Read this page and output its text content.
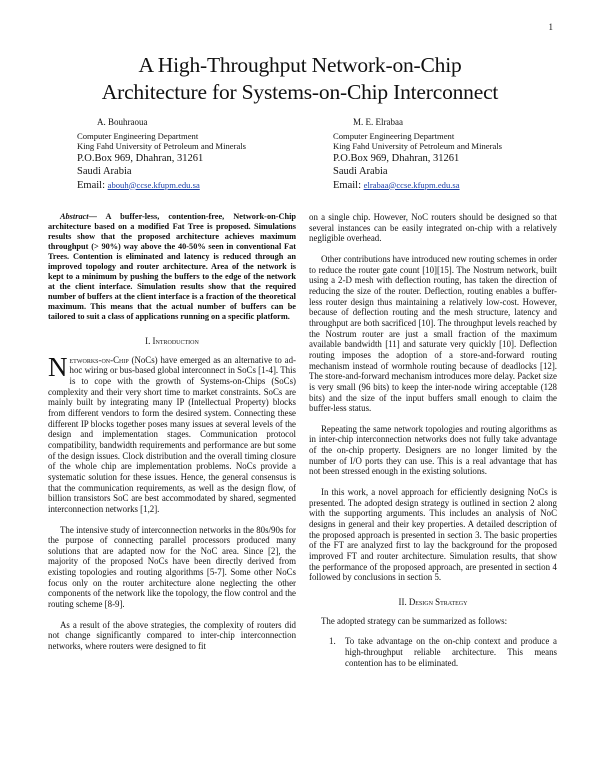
1
A High-Throughput Network-on-Chip
Architecture for Systems-on-Chip Interconnect
A. Bouhraoua
Computer Engineering Department
King Fahd University of Petroleum and Minerals
P.O.Box 969, Dhahran, 31261
Saudi Arabia
Email: abouh@ccse.kfupm.edu.sa
M. E. Elrabaa
Computer Engineering Department
King Fahd University of Petroleum and Minerals
P.O.Box 969, Dhahran, 31261
Saudi Arabia
Email: elrabaa@ccse.kfupm.edu.sa

Abstract— A buffer-less, contention-free, Network-on-Chip architecture based on a modified Fat Tree is proposed. Simulations results show that the proposed architecture achieves maximum throughput (> 90%) way above the 40-50% seen in conventional Fat Trees. Contention is eliminated and latency is reduced through an improved topology and router architecture. Area of the network is kept to a minimum by pushing the buffers to the edge of the network at the client interface. Simulation results show that the required number of buffers at the client interface is a fraction of the theoretical maximum. This means that the actual number of buffers can be tailored to suit a class of applications running on a specific platform.

I. Introduction

Networks-on-Chip (NoCs) have emerged as an alternative to ad-hoc wiring or bus-based global interconnect in SoCs [1-4]. This is to cope with the growth of Systems-on-Chips (SoCs) complexity and their very short time to market constraints. SoCs are mainly built by integrating many IP (Intellectual Property) blocks from different vendors to form the desired system. Connecting these different IP blocks together poses many issues at several levels of the design and implementation stages. Communication protocol compatibility, bandwidth requirements and performance are but some of the design issues. Clock distribution and the overall timing closure of the whole chip are implementation problems. NoCs provide a systematic solution for these issues. Hence, the general consensus is that the communication requirements, as well as the design flow, of billion transistors SoC are best accommodated by shared, segmented interconnection networks [1,2].

The intensive study of interconnection networks in the 80s/90s for the purpose of connecting parallel processors produced many solutions that are adapted now for the NoC area. Since [2], the majority of the proposed NoCs have been directly derived from existing topologies and routing algorithms [5-7]. Some other NoCs focus only on the router architecture alone neglecting the other components of the network like the topology, the flow control and the routing scheme [8-9].

As a result of the above strategies, the complexity of routers did not change significantly compared to inter-chip interconnection networks, where routers were designed to fit

on a single chip. However, NoC routers should be designed so that several instances can be easily integrated on-chip with a relatively negligible overhead.

Other contributions have introduced new routing schemes in order to reduce the router gate count [10][15]. The Nostrum network, built using a 2-D mesh with deflection routing, has taken the direction of reducing the size of the router. Deflection, routing enables a buffer-less router design thus maintaining a relatively low-cost. However, because of deflection routing and the mesh structure, latency and throughput are both sacrificed [10]. The throughput levels reached by the Nostrum router are just a small fraction of the maximum available bandwidth [11] and saturate very quickly [10]. Deflection routing imposes the adoption of a store-and-forward routing mechanism instead of wormhole routing because of deadlocks [12]. The store-and-forward mechanism introduces more delay. Packet size is very small (96 bits) to keep the inter-node wiring acceptable (128 bits) and the size of the input buffers small enough to claim the buffer-less status.

Repeating the same network topologies and routing algorithms as in inter-chip interconnection networks does not fully take advantage of the on-chip property. Designers are no longer limited by the number of I/O ports they can use. This is a real advantage that has not been stressed enough in the existing solutions.

In this work, a novel approach for efficiently designing NoCs is presented. The adopted design strategy is outlined in section 2 along with the supporting arguments. This includes an analysis of NoC designs in general and their key properties. A detailed description of the proposed approach is presented in section 3. The basic properties of the FT are analyzed first to lay the background for the proposed improved FT and router architecture. Simulation results, that show the performance of the proposed approach, are presented in section 4 followed by conclusions in section 5.

II. Design Strategy

The adopted strategy can be summarized as follows:

1. To take advantage on the on-chip context and produce a high-throughput reliable architecture. This means contention has to be eliminated.
